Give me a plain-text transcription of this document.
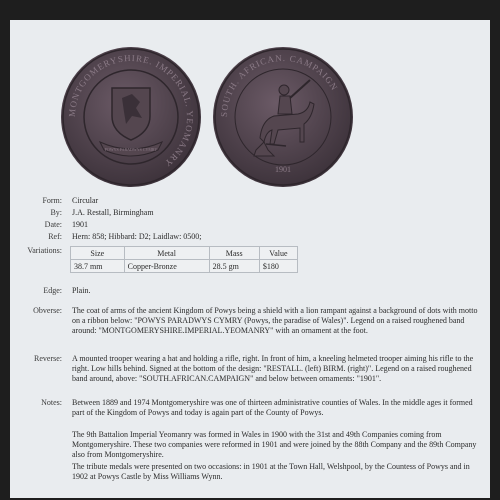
MONTGOMERYSHIRE. IMPERIAL. YEOMANRY
POWYS PARADWYS CYMRY
SOUTH. AFRICAN. CAMPAIGN
1901
Form: Circular
By: J.A. Restall, Birmingham
Date: 1901
Ref: Hern: 858; Hibbard: D2; Laidlaw: 0500;
Variations:	Size	Metal	Mass	Value
38.7 mm	Copper-Bronze	28.5 gm	$180
Edge: Plain.
Obverse: The coat of arms of the ancient Kingdom of Powys being a shield with a lion rampant against a background of dots with motto on a ribbon below: "POWYS PARADWYS CYMRY (Powys, the paradise of Wales)". Legend on a raised roughened band around: "MONTGOMERYSHIRE.IMPERIAL.YEOMANRY" with an ornament at the foot.

Reverse: A mounted trooper wearing a hat and holding a rifle, right. In front of him, a kneeling helmeted trooper aiming his rifle to the right. Low hills behind. Signed at the bottom of the design: "RESTALL. (left) BIRM. (right)". Legend on a raised roughened band around, above: "SOUTH.AFRICAN.CAMPAIGN" and below between ornaments: "1901".

Notes: Between 1889 and 1974 Montgomeryshire was one of thirteen administrative counties of Wales. In the middle ages it formed part of the Kingdom of Powys and today is again part of the County of Powys.

The 9th Battalion Imperial Yeomanry was formed in Wales in 1900 with the 31st and 49th Companies coming from Montgomeryshire. These two companies were reformed in 1901 and were joined by the 88th Company and the 89th Company also from Montgomeryshire.

The tribute medals were presented on two occasions: in 1901 at the Town Hall, Welshpool, by the Countess of Powys and in 1902 at Powys Castle by Miss Williams Wynn.
